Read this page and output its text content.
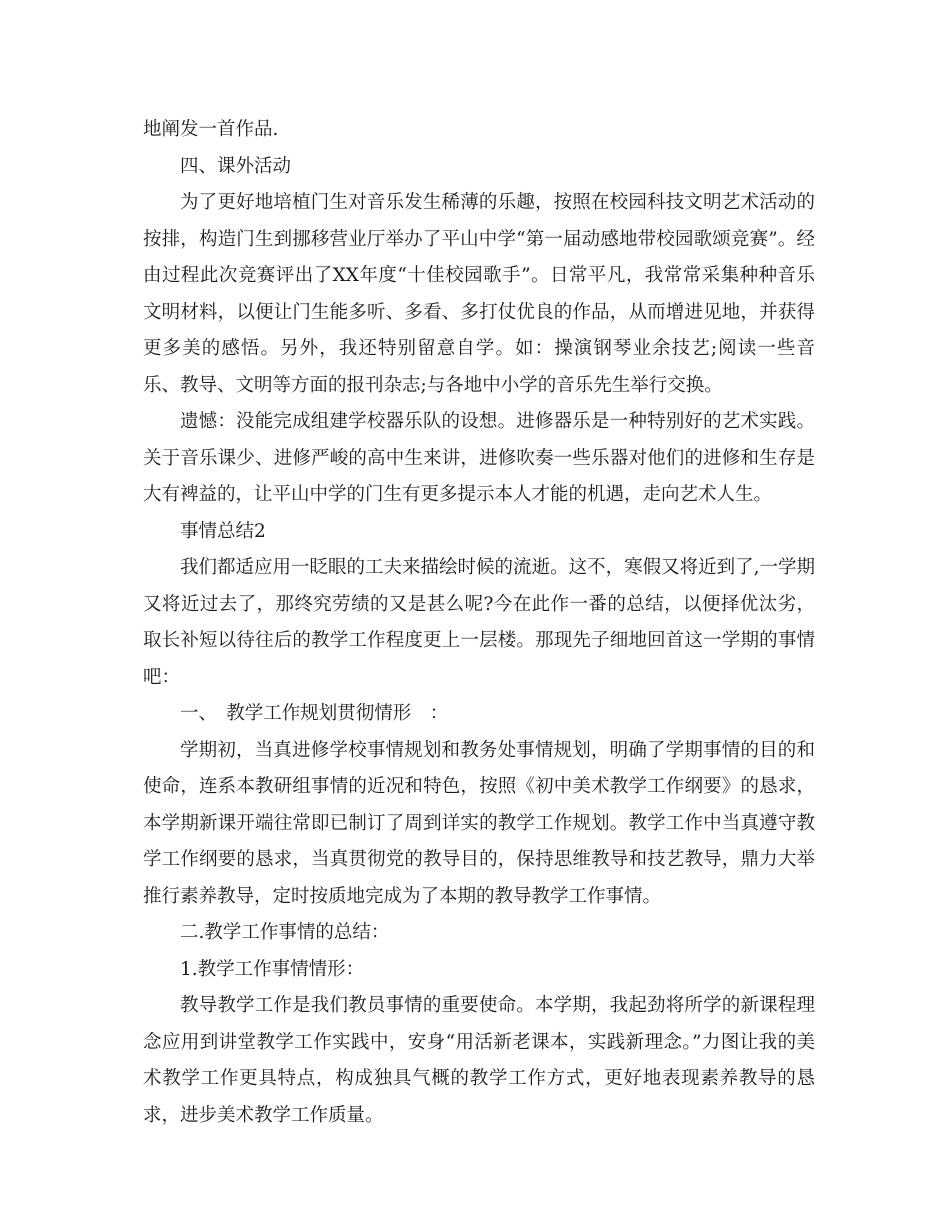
地阐发一首作品.

四、课外活动

为了更好地培植门生对音乐发生稀薄的乐趣，按照在校园科技文明艺术活动的按排，构造门生到挪移营业厅举办了平山中学“第一届动感地带校园歌颂竞赛”。经由过程此次竞赛评出了XX年度“十佳校园歌手”。日常平凡，我常常采集种种音乐文明材料，以便让门生能多听、多看、多打仗优良的作品，从而增进见地，并获得更多美的感悟。另外，我还特别留意自学。如：操演钢琴业余技艺;阅读一些音乐、教导、文明等方面的报刊杂志;与各地中小学的音乐先生举行交换。

遗憾：没能完成组建学校器乐队的设想。进修器乐是一种特别好的艺术实践。关于音乐课少、进修严峻的高中生来讲，进修吹奏一些乐器对他们的进修和生存是大有裨益的，让平山中学的门生有更多提示本人才能的机遇，走向艺术人生。

事情总结2

我们都适应用一眨眼的工夫来描绘时候的流逝。这不，寒假又将近到了,一学期又将近过去了，那终究劳绩的又是甚么呢?今在此作一番的总结，以便择优汰劣，取长补短以待往后的教学工作程度更上一层楼。那现先子细地回首这一学期的事情吧：

一、　教学工作规划贯彻情形　：

学期初，当真进修学校事情规划和教务处事情规划，明确了学期事情的目的和使命，连系本教研组事情的近况和特色，按照《初中美术教学工作纲要》的恳求，本学期新课开端往常即已制订了周到详实的教学工作规划。教学工作中当真遵守教学工作纲要的恳求，当真贯彻党的教导目的，保持思维教导和技艺教导，鼎力大举推行素养教导，定时按质地完成为了本期的教导教学工作事情。

二.教学工作事情的总结：

1.教学工作事情情形：

教导教学工作是我们教员事情的重要使命。本学期，我起劲将所学的新课程理念应用到讲堂教学工作实践中，安身“用活新老课本，实践新理念。”力图让我的美术教学工作更具特点，构成独具气概的教学工作方式，更好地表现素养教导的恳求，进步美术教学工作质量。
